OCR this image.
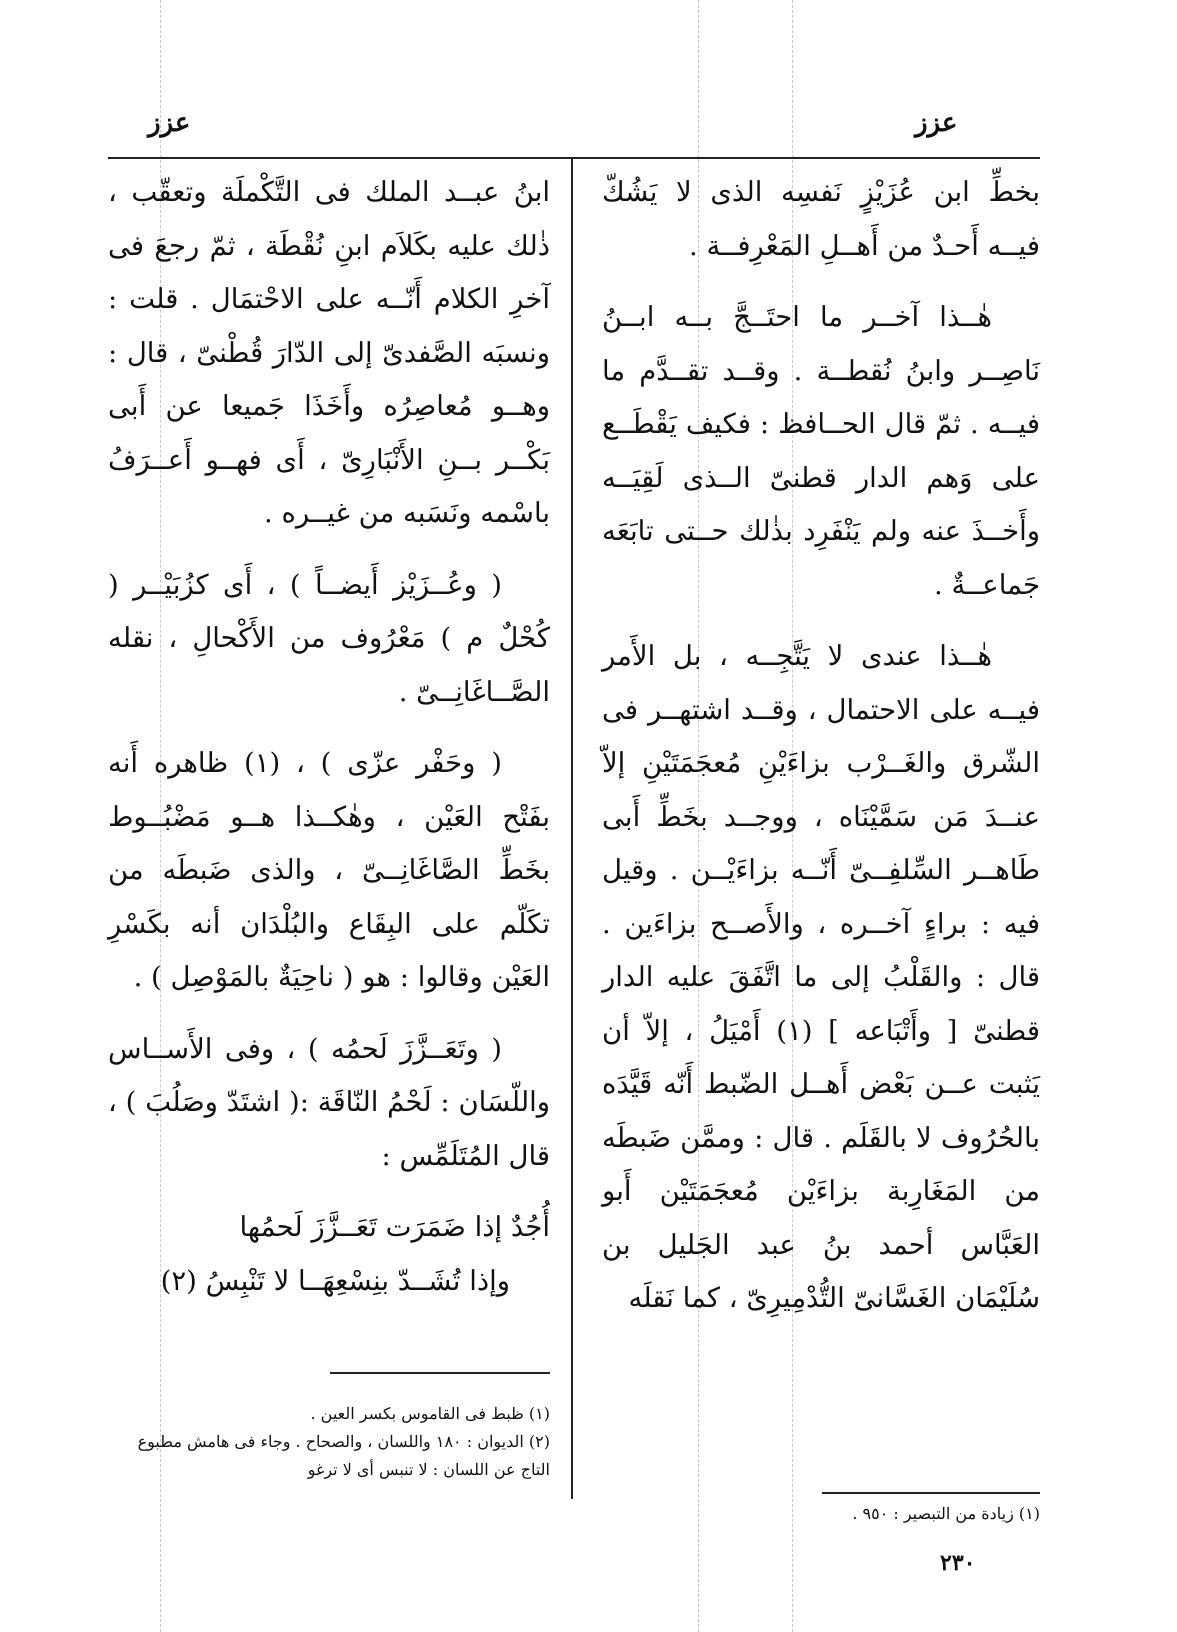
عزز	عزز

بخطِّ ابن عُزَيْزٍ نَفسِه الذى لا يَشُكّ فيــه أَحـدٌ من أَهــلِ المَعْرِفــة .

هٰــذا آخــر ما احتَــجَّ بــه ابــنُ نَاصِــر وابنُ نُقطــة . وقــد تقــدَّم ما فيــه . ثمّ قال الحــافظ : فكيف يَقْطَــع على وَهم الدار قطنىّ الــذى لَقِيَــه وأَخــذَ عنه ولم يَنْفَرِد بذٰلك حــتى تابَعَه جَماعــةٌ .

هٰــذا عندى لا يَتَّجِــه ، بل الأَمر فيــه على الاحتمال ، وقــد اشتهــر فى الشّرق والغَــرْب بزاءَيْنِ مُعجَمَتَيْنِ إلاّ عنــدَ مَن سَمَّيْنَاه ، ووجــد بخَطِّ أَبى طَاهــر السِّلفِــىّ أَنّــه بزاءَيْــن . وقيل فيه : براءٍ آخــره ، والأَصــح بزاءَين . قال : والقَلْبُ إلى ما اتَّفَقَ عليه الدار قطنىّ [ وأَتْبَاعه ] (١) أَمْيَلُ ، إلاّ أن يَثبت عــن بَعْض أَهــل الضّبط أَنّه قَيَّدَه بالحُرُوف لا بالقَلَم . قال : وممَّن ضَبطَه من المَغَارِبة بزاءَيْن مُعجَمَتَيْن أَبو العَبَّاس أحمد بنُ عبد الجَليل بن سُلَيْمَان الغَسَّانىّ التُّدْمِيرِىّ ، كما نَقلَه

ابنُ عبــد الملك فى التَّكْملَة وتعقّب ، ذٰلك عليه بكَلاَم ابنِ نُقْطَة ، ثمّ رجعَ فى آخرِ الكلام أَنّــه على الاحْتمَال . قلت : ونسبَه الصَّفدىّ إلى الدّارَ قُطْنىّ ، قال : وهــو مُعاصِرُه وأَخَذَا جَميعا عن أَبى بَكْــر بــنِ الأَنْبَارِىّ ، أَى فهــو أَعــرَفُ باسْمه ونَسَبه من غيــره .

( وعُــزَيْز أَيضــاً ) ، أَى كزُبَيْــر ( كُحْلٌ م ) مَعْرُوف من الأَكْحالِ ، نقله الصَّــاغَانِــىّ .

( وحَفْر عزّى ) ، (١) ظاهره أَنه بفَتْح العَيْن ، وهٰكــذا هــو مَضْبُــوط بخَطِّ الصَّاغَانِــىّ ، والذى ضَبطَه من تكَلّم على البِقَاع والبُلْدَان أنه بكَسْرِ العَيْن وقالوا : هو ( ناحِيَةٌ بالمَوْصِل ) .

( وتَعَــزَّزَ لَحمُه ) ، وفى الأَســاس واللّسَان : لَحْمُ النّاقَة :( اشتَدّ وصَلُبَ ) ، قال المُتَلَمِّس :

أُجُدٌ إذا ضَمَرَت تَعَــزَّزَ لَحمُها

وإذا تُشَــدّ بنِسْعِهَــا لا تَنْبِسُ (٢)

(١) ظبط فى القاموس بكسر العين .

(٢) الديوان : ١٨٠ واللسان ، والصحاح . وجاء فى هامش مطبوع التاج عن اللسان : لا تنبس أى لا ترغو

(١) زيادة من التبصير : ٩٥٠ .

٢٣٠
